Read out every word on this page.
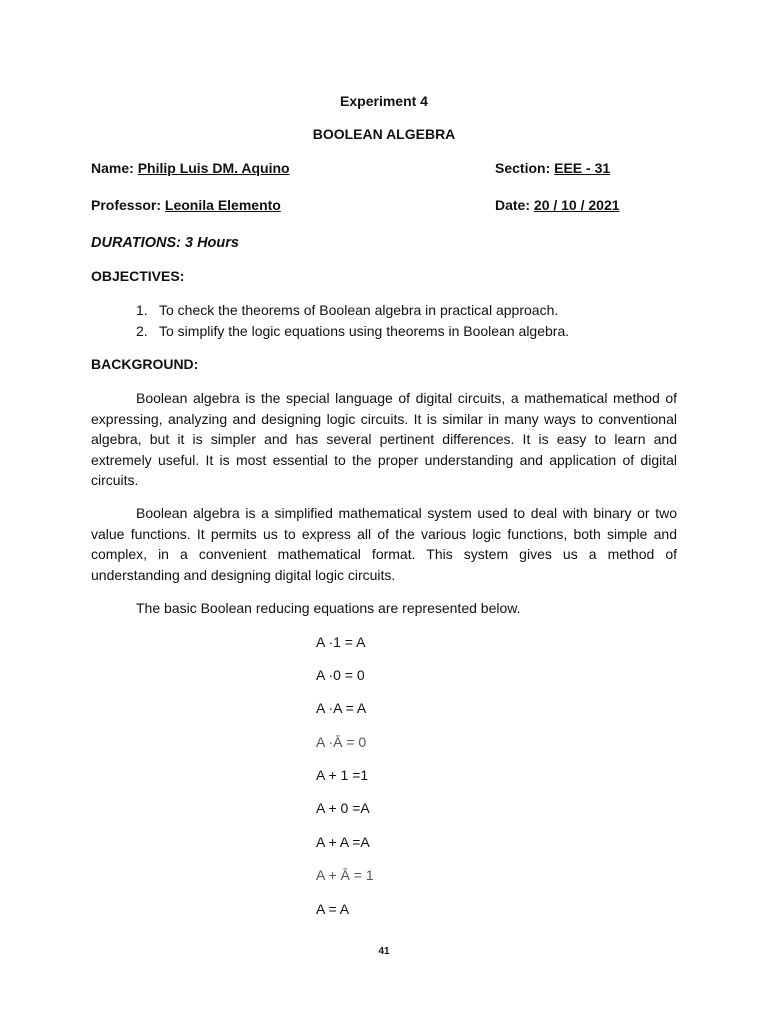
Experiment 4
BOOLEAN ALGEBRA
Name: Philip Luis DM. Aquino	Section: EEE - 31
Professor: Leonila Elemento	Date: 20 / 10 / 2021
DURATIONS: 3 Hours
OBJECTIVES:
1. To check the theorems of Boolean algebra in practical approach.
2. To simplify the logic equations using theorems in Boolean algebra.
BACKGROUND:
Boolean algebra is the special language of digital circuits, a mathematical method of expressing, analyzing and designing logic circuits. It is similar in many ways to conventional algebra, but it is simpler and has several pertinent differences. It is easy to learn and extremely useful. It is most essential to the proper understanding and application of digital circuits.
Boolean algebra is a simplified mathematical system used to deal with binary or two value functions. It permits us to express all of the various logic functions, both simple and complex, in a convenient mathematical format. This system gives us a method of understanding and designing digital logic circuits.
The basic Boolean reducing equations are represented below.
A ·1 = A
A ·0 = 0
A ·A = A
A ·Ā = 0
A + 1 =1
A + 0 =A
A + A =A
A + Ā = 1
A = A
41
